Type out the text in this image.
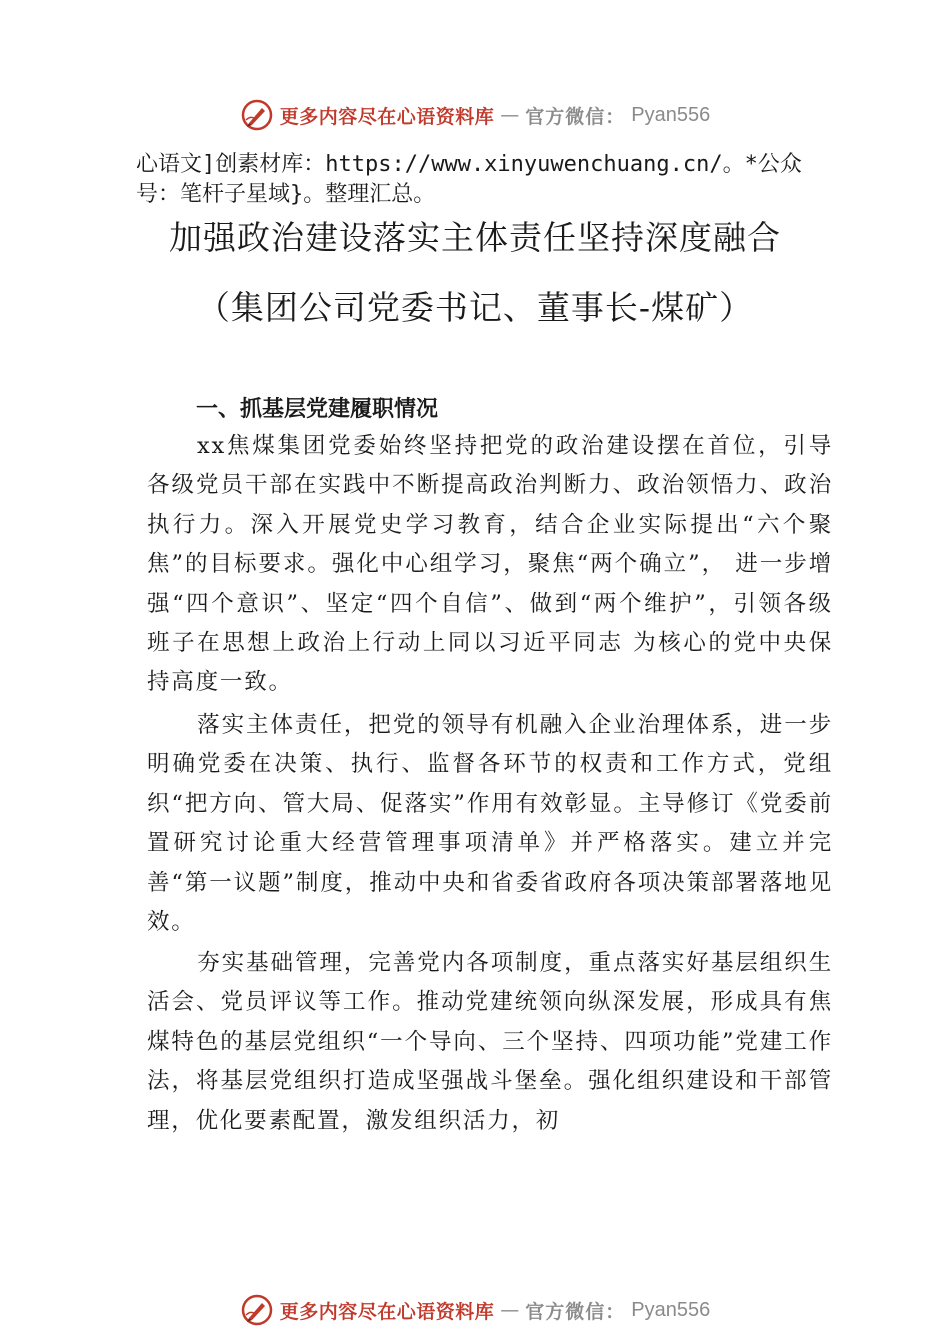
更多内容尽在心语资料库 — 官方微信： Pyan556
心语文]创素材库：https://www.xinyuwenchuang.cn/。*公众号：笔杆子星域}。整理汇总。
加强政治建设落实主体责任坚持深度融合
（集团公司党委书记、董事长-煤矿）
一、抓基层党建履职情况
xx焦煤集团党委始终坚持把党的政治建设摆在首位，引导各级党员干部在实践中不断提高政治判断力、政治领悟力、政治执行力。深入开展党史学习教育，结合企业实际提出“六个聚焦”的目标要求。强化中心组学习，聚焦“两个确立”， 进一步增强“四个意识”、坚定“四个自信”、做到“两个维护”，引领各级班子在思想上政治上行动上同以习近平同志 为核心的党中央保持高度一致。
落实主体责任，把党的领导有机融入企业治理体系，进一步明确党委在决策、执行、监督各环节的权责和工作方式，党组织“把方向、管大局、促落实”作用有效彰显。主导修订《党委前置研究讨论重大经营管理事项清单》并严格落实。建立并完善“第一议题”制度，推动中央和省委省政府各项决策部署落地见效。
夯实基础管理，完善党内各项制度，重点落实好基层组织生活会、党员评议等工作。推动党建统领向纵深发展，形成具有焦煤特色的基层党组织“一个导向、三个坚持、四项功能”党建工作法，将基层党组织打造成坚强战斗堡垒。强化组织建设和干部管理，优化要素配置，激发组织活力，初
更多内容尽在心语资料库 — 官方微信： Pyan556
